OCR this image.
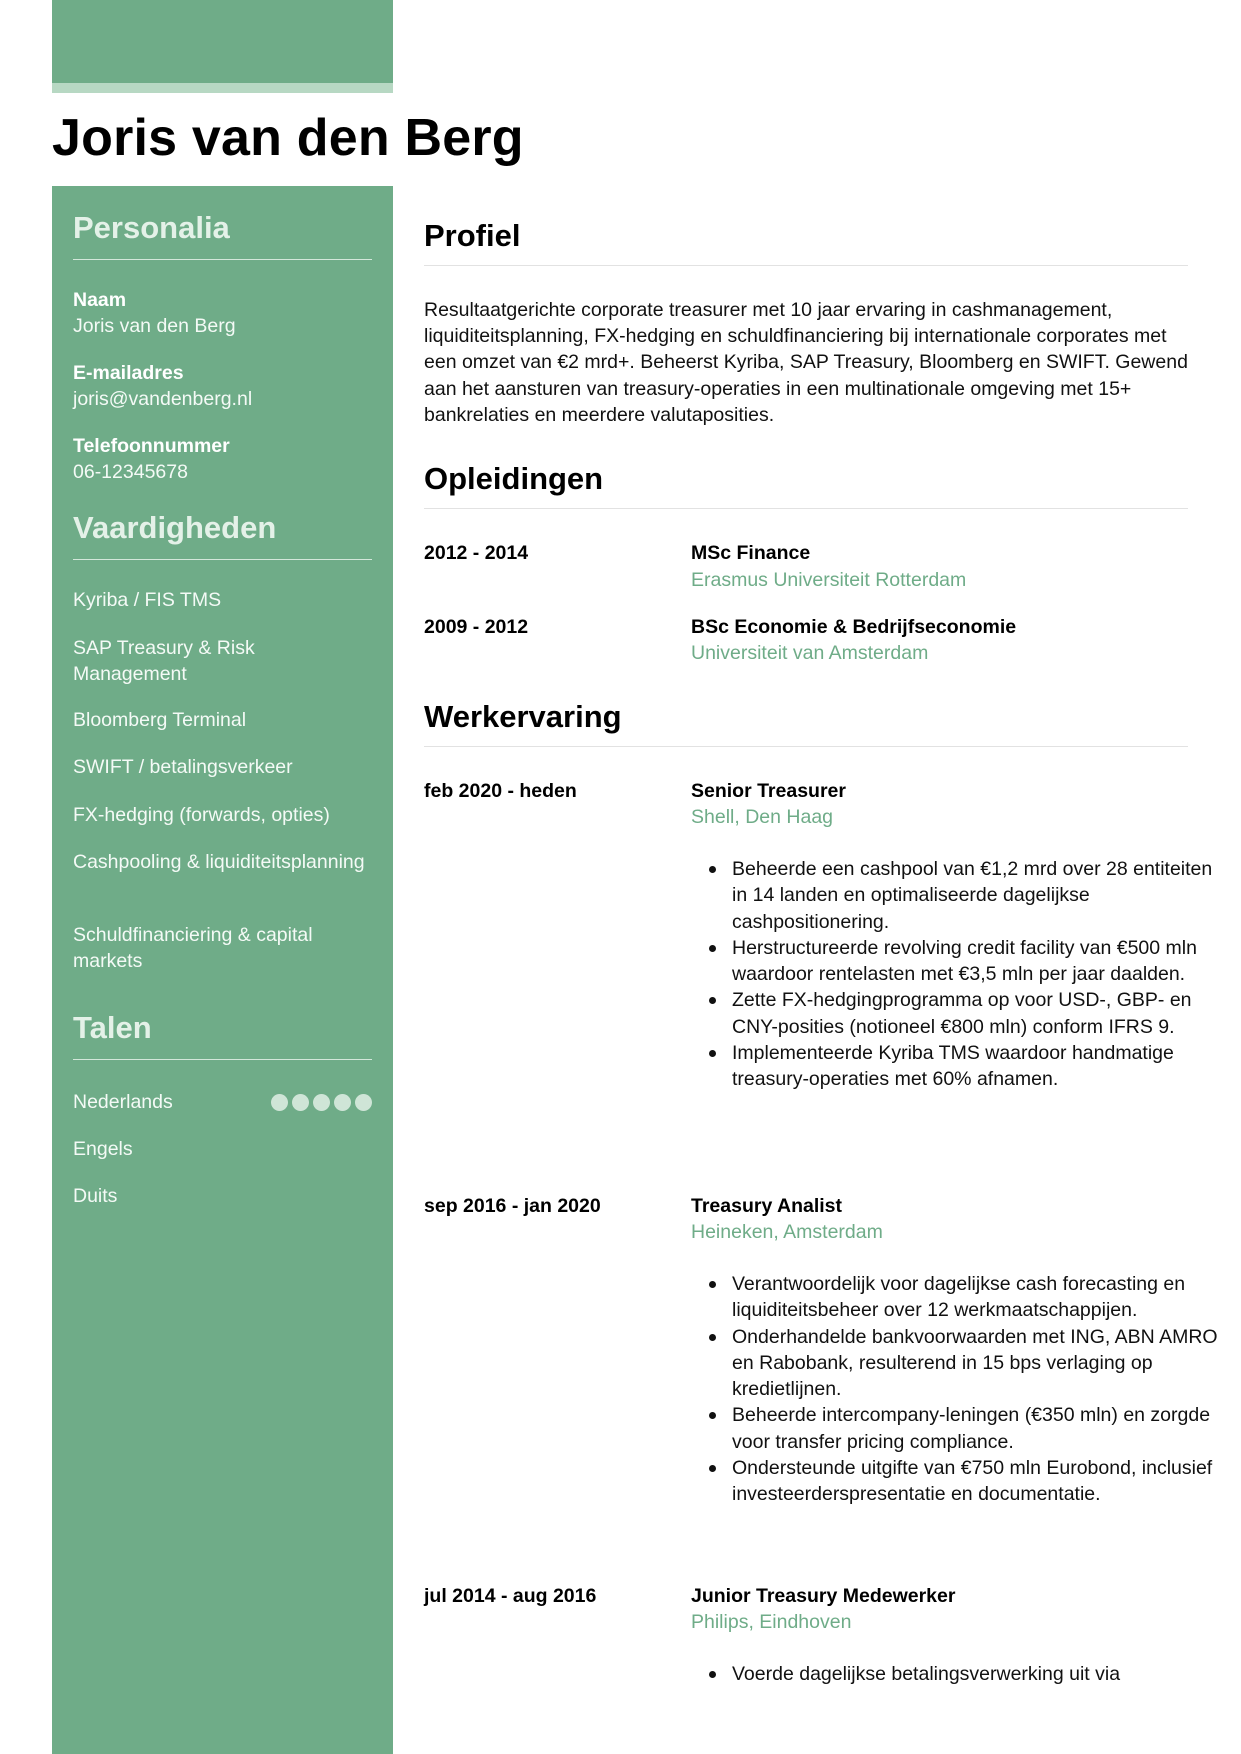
Joris van den Berg
Personalia
Naam
Joris van den Berg
E-mailadres
joris@vandenberg.nl
Telefoonnummer
06-12345678
Vaardigheden
Kyriba / FIS TMS
SAP Treasury & Risk Management
Bloomberg Terminal
SWIFT / betalingsverkeer
FX-hedging (forwards, opties)
Cashpooling & liquiditeitsplanning
Schuldfinanciering & capital markets
Talen
Nederlands
Engels
Duits
Profiel

Resultaatgerichte corporate treasurer met 10 jaar ervaring in cashmanagement, liquiditeitsplanning, FX-hedging en schuldfinanciering bij internationale corporates met een omzet van €2 mrd+. Beheerst Kyriba, SAP Treasury, Bloomberg en SWIFT. Gewend aan het aansturen van treasury-operaties in een multinationale omgeving met 15+ bankrelaties en meerdere valutaposities.

Opleidingen
2012 - 2014	MSc Finance
Erasmus Universiteit Rotterdam
2009 - 2012	BSc Economie & Bedrijfseconomie
Universiteit van Amsterdam
Werkervaring
feb 2020 - heden	Senior Treasurer
Shell, Den Haag
Beheerde een cashpool van €1,2 mrd over 28 entiteiten in 14 landen en optimaliseerde dagelijkse cashpositionering.
Herstructureerde revolving credit facility van €500 mln waardoor rentelasten met €3,5 mln per jaar daalden.
Zette FX-hedgingprogramma op voor USD-, GBP- en CNY-posities (notioneel €800 mln) conform IFRS 9.
Implementeerde Kyriba TMS waardoor handmatige treasury-operaties met 60% afnamen.
sep 2016 - jan 2020	Treasury Analist
Heineken, Amsterdam
Verantwoordelijk voor dagelijkse cash forecasting en liquiditeitsbeheer over 12 werkmaatschappijen.
Onderhandelde bankvoorwaarden met ING, ABN AMRO en Rabobank, resulterend in 15 bps verlaging op kredietlijnen.
Beheerde intercompany-leningen (€350 mln) en zorgde voor transfer pricing compliance.
Ondersteunde uitgifte van €750 mln Eurobond, inclusief investeerderspresentatie en documentatie.
jul 2014 - aug 2016	Junior Treasury Medewerker
Philips, Eindhoven
Voerde dagelijkse betalingsverwerking uit via
